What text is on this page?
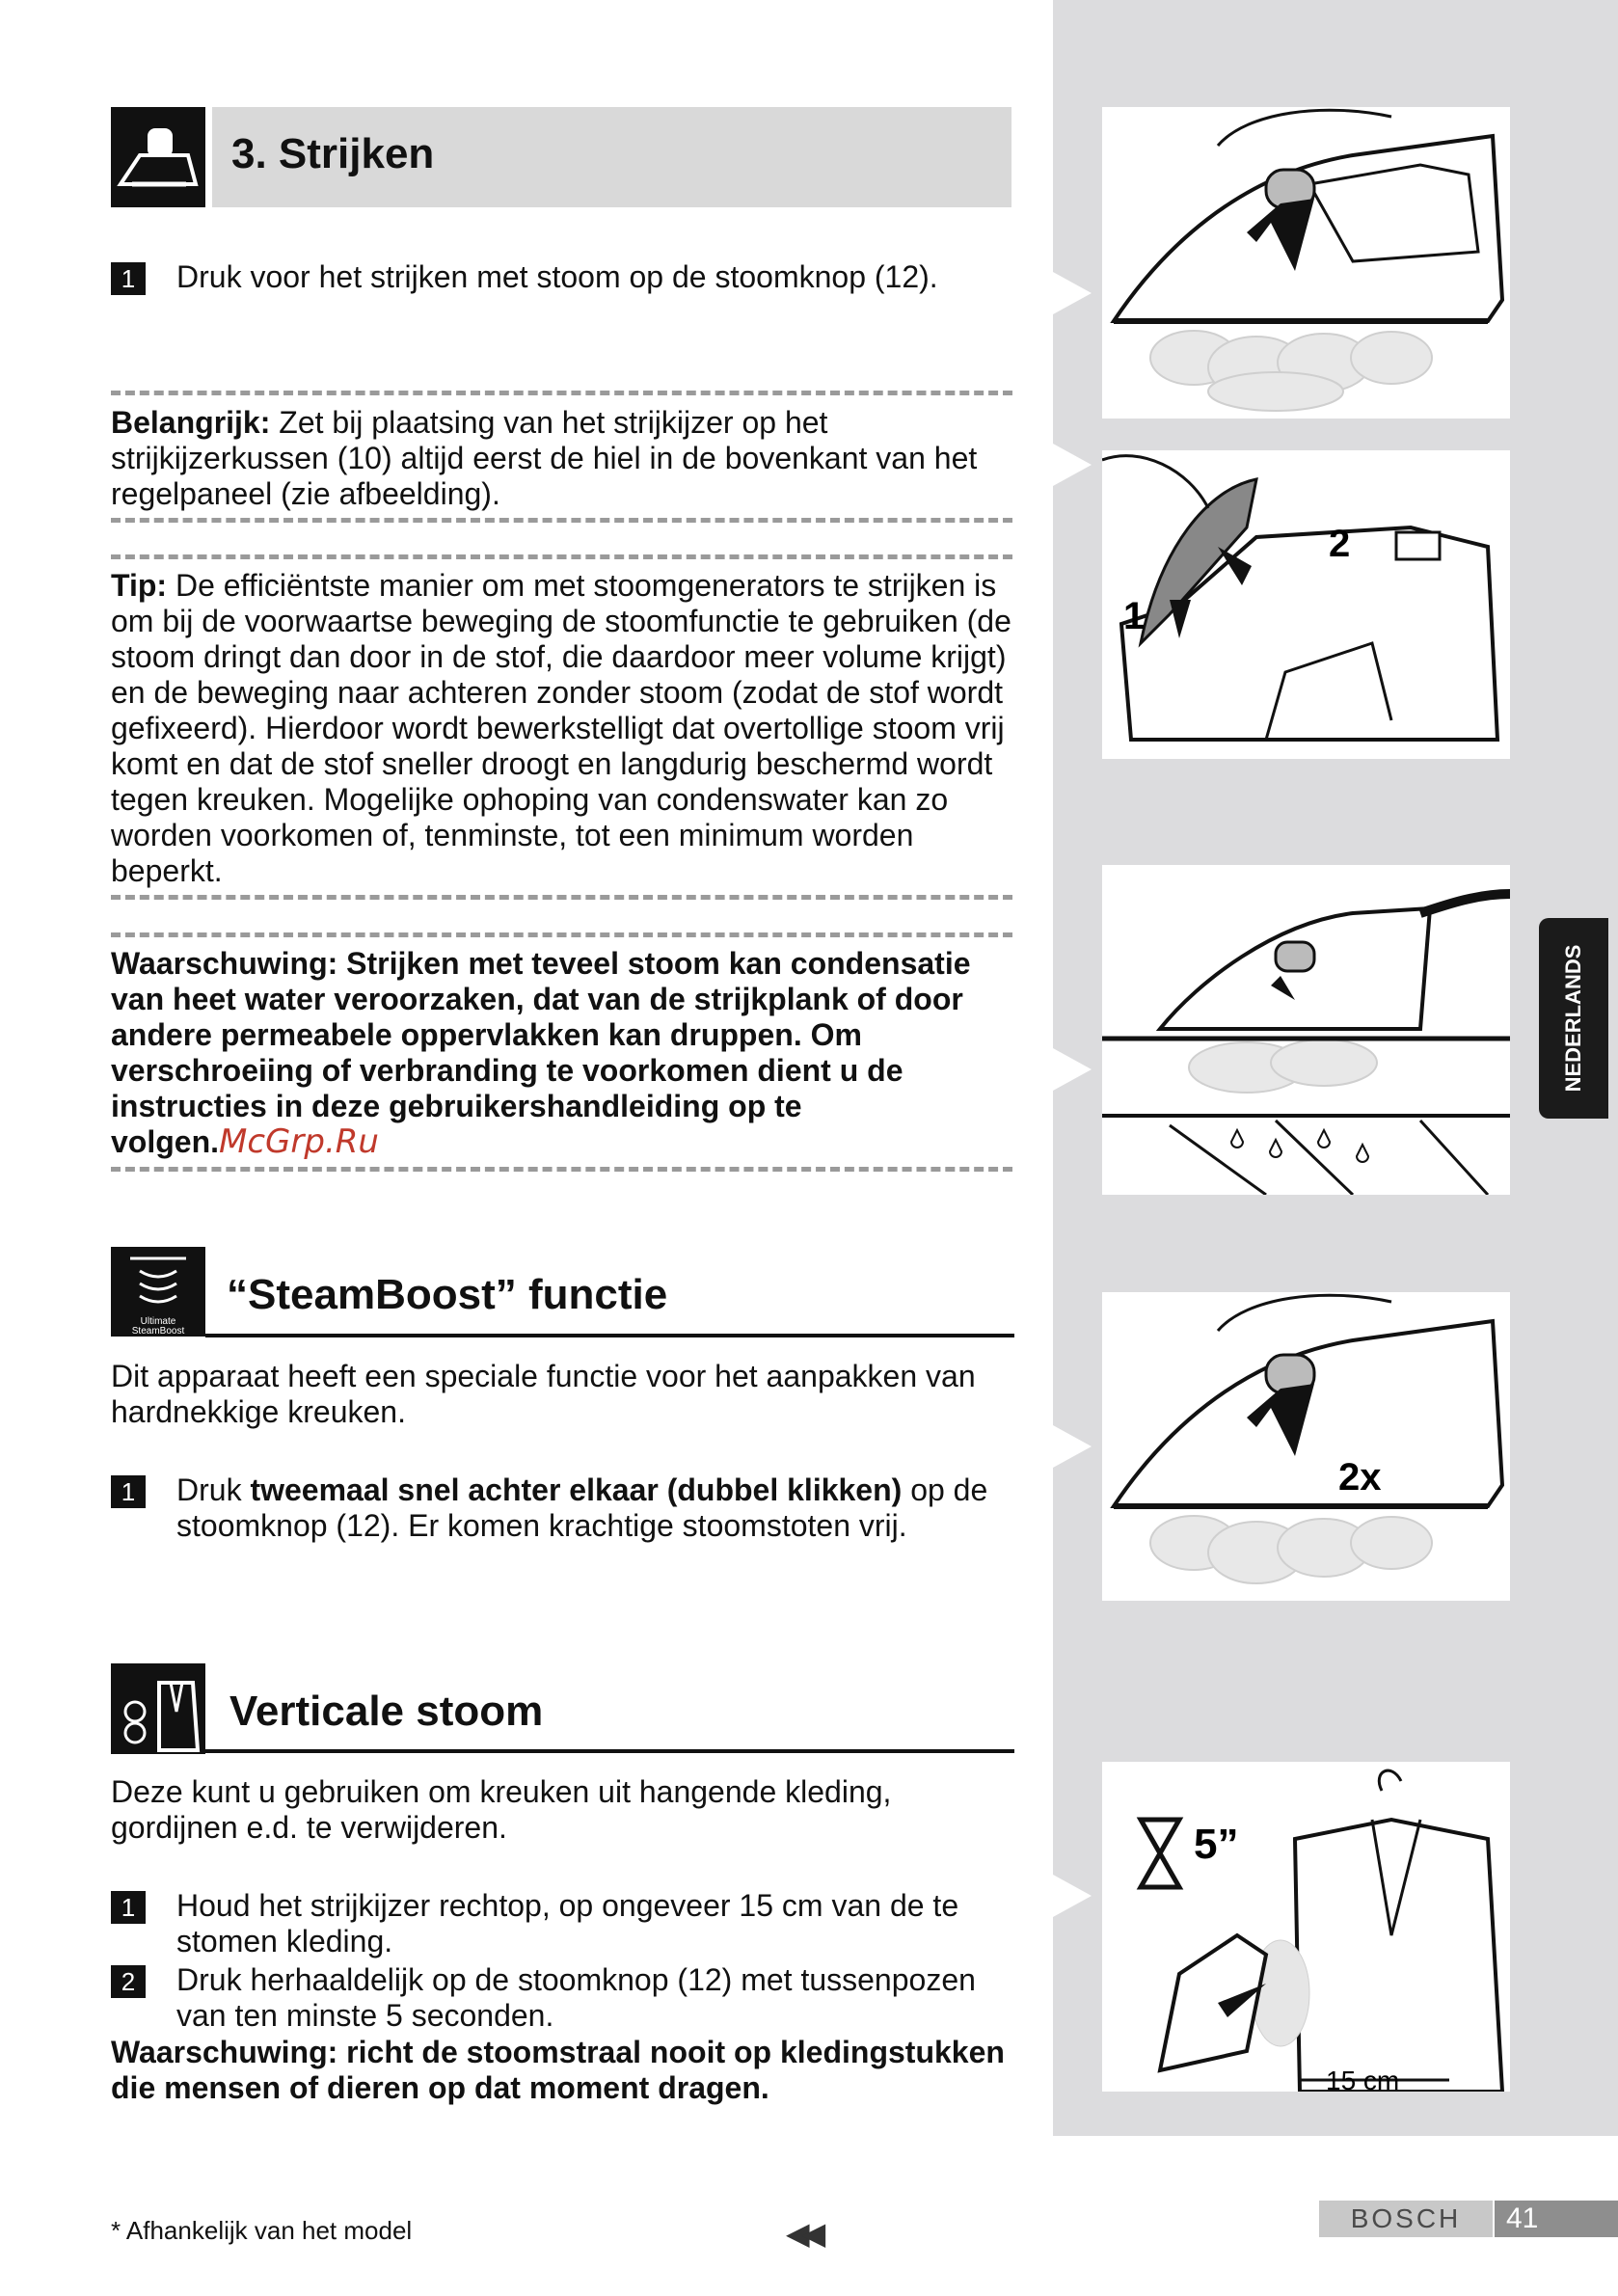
2
1
2x
5”
15 cm
NEDERLANDS
3. Strijken
1	Druk voor het strijken met stoom op de stoomknop (12).
Belangrijk: Zet bij plaatsing van het strijkijzer op het strijkijzerkussen (10) altijd eerst de hiel in de bovenkant van het regelpaneel (zie afbeelding).
Tip: De efficiëntste manier om met stoomgenerators te strijken is om bij de voorwaartse beweging de stoomfunctie te gebruiken (de stoom dringt dan door in de stof, die daardoor meer volume krijgt) en de beweging naar achteren zonder stoom (zodat de stof wordt gefixeerd). Hierdoor wordt bewerkstelligt dat overtollige stoom vrij komt en dat de stof sneller droogt en langdurig beschermd wordt tegen kreuken. Mogelijke ophoping van condenswater kan zo worden voorkomen of, tenminste, tot een minimum worden beperkt.
Waarschuwing: Strijken met teveel stoom kan condensatie van heet water veroorzaken, dat van de strijkplank of door andere permeabele oppervlakken kan druppen. Om verschroeiing of verbranding te voorkomen dient u de instructies in deze gebruikershandleiding op te volgen.McGrp.Ru
Ultimate
SteamBoost
“SteamBoost” functie
Dit apparaat heeft een speciale functie voor het aanpakken van hardnekkige kreuken.
1	Druk tweemaal snel achter elkaar (dubbel klikken) op de stoomknop (12). Er komen krachtige stoomstoten vrij.
Verticale stoom
Deze kunt u gebruiken om kreuken uit hangende kleding, gordijnen e.d. te verwijderen.
1	Houd het strijkijzer rechtop, op ongeveer 15 cm van de te stomen kleding.
2	Druk herhaaldelijk op de stoomknop (12) met tussenpozen van ten minste 5 seconden.
Waarschuwing: richt de stoomstraal nooit op kledingstukken die mensen of dieren op dat moment dragen.
* Afhankelijk van het model	◀◀	BOSCH	41
